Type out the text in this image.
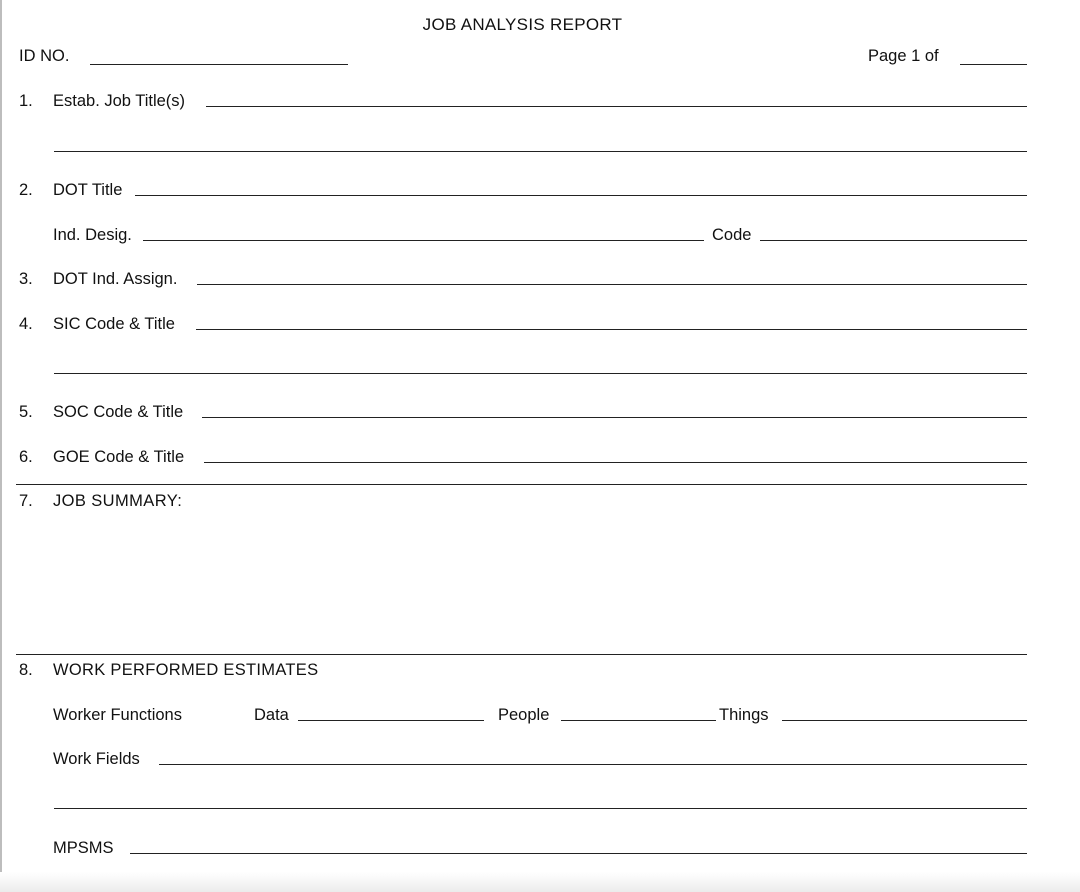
JOB ANALYSIS REPORT
ID NO.	Page 1 of
1. Estab. Job Title(s)
2. DOT Title
Ind. Desig.	Code
3. DOT Ind. Assign.
4. SIC Code & Title
5. SOC Code & Title
6. GOE Code & Title
7. JOB SUMMARY:
8. WORK PERFORMED ESTIMATES
Worker Functions	Data	People	Things
Work Fields
MPSMS
